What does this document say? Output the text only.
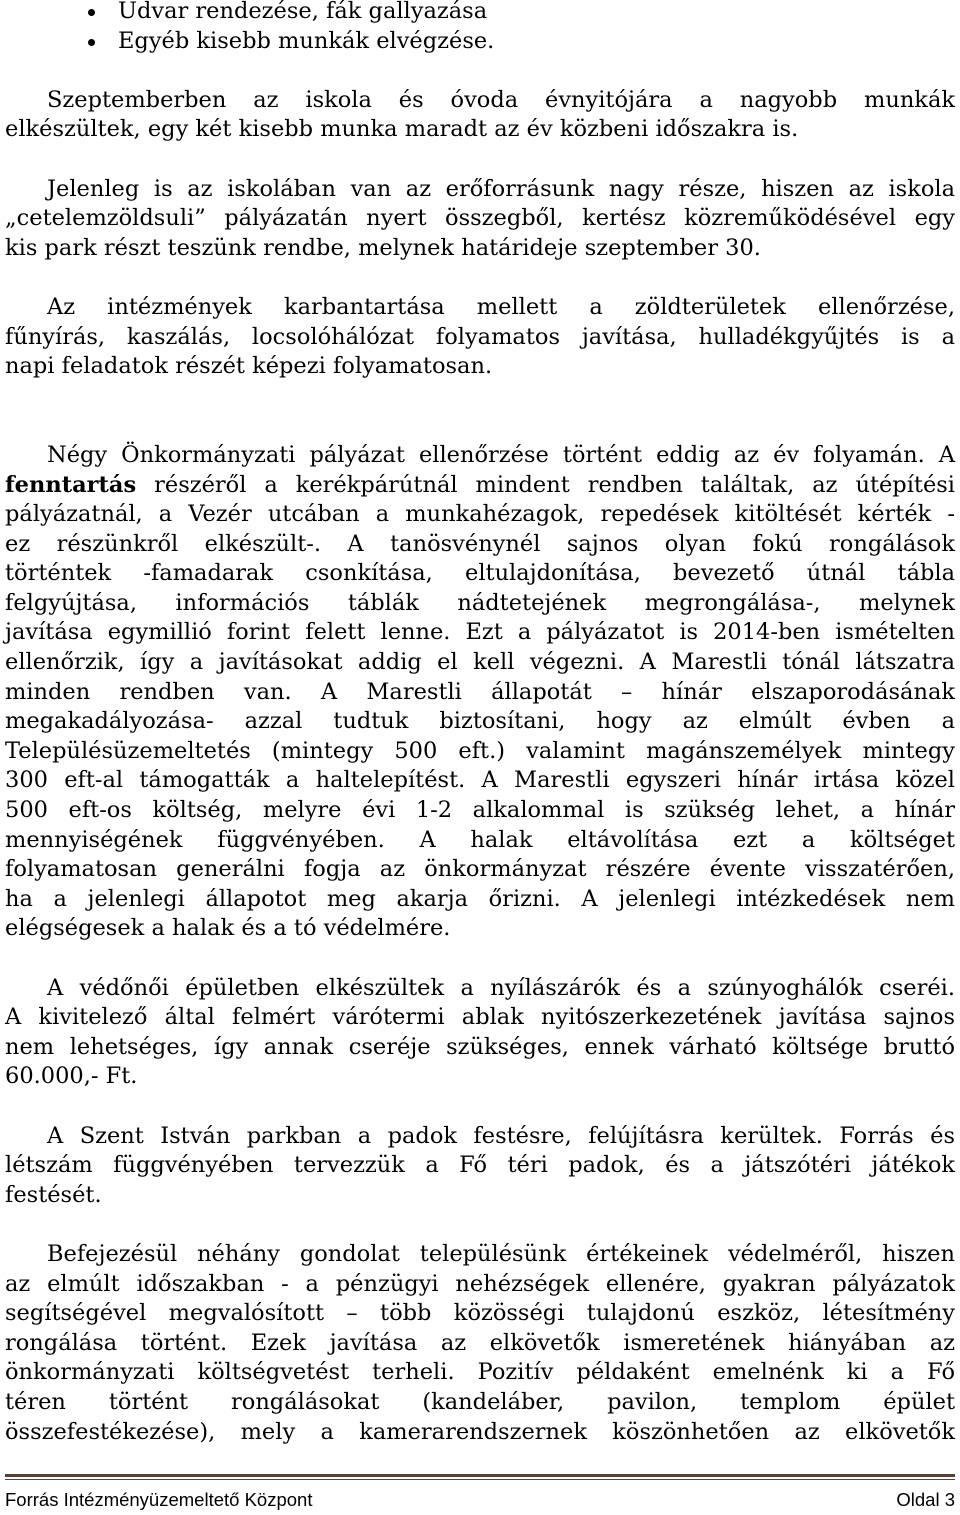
Udvar rendezése, fák gallyazása
Egyéb kisebb munkák elvégzése.
Szeptemberben az iskola és óvoda évnyitójára a nagyobb munkák
elkészültek, egy két kisebb munka maradt az év közbeni időszakra is.
Jelenleg is az iskolában van az erőforrásunk nagy része, hiszen az iskola
„cetelemzöldsuli” pályázatán nyert összegből, kertész közreműködésével egy
kis park részt teszünk rendbe, melynek határideje szeptember 30.
Az intézmények karbantartása mellett a zöldterületek ellenőrzése,
fűnyírás, kaszálás, locsolóhálózat folyamatos javítása, hulladékgyűjtés is a
napi feladatok részét képezi folyamatosan.
Négy Önkormányzati pályázat ellenőrzése történt eddig az év folyamán. A
fenntartás részéről a kerékpárútnál mindent rendben találtak, az útépítési
pályázatnál, a Vezér utcában a munkahézagok, repedések kitöltését kérték -
ez részünkről elkészült-. A tanösvénynél sajnos olyan fokú rongálások
történtek -famadarak csonkítása, eltulajdonítása, bevezető útnál tábla
felgyújtása, információs táblák nádtetejének megrongálása-, melynek
javítása egymillió forint felett lenne. Ezt a pályázatot is 2014-ben ismételten
ellenőrzik, így a javításokat addig el kell végezni. A Marestli tónál látszatra
minden rendben van. A Marestli állapotát – hínár elszaporodásának
megakadályozása- azzal tudtuk biztosítani, hogy az elmúlt évben a
Településüzemeltetés (mintegy 500 eft.) valamint magánszemélyek mintegy
300 eft-al támogatták a haltelepítést. A Marestli egyszeri hínár irtása közel
500 eft-os költség, melyre évi 1-2 alkalommal is szükség lehet, a hínár
mennyiségének függvényében. A halak eltávolítása ezt a költséget
folyamatosan generálni fogja az önkormányzat részére évente visszatérően,
ha a jelenlegi állapotot meg akarja őrizni. A jelenlegi intézkedések nem
elégségesek a halak és a tó védelmére.
A védőnői épületben elkészültek a nyílászárók és a szúnyoghálók cseréi.
A kivitelező által felmért várótermi ablak nyitószerkezetének javítása sajnos
nem lehetséges, így annak cseréje szükséges, ennek várható költsége bruttó
60.000,- Ft.
A Szent István parkban a padok festésre, felújításra kerültek. Forrás és
létszám függvényében tervezzük a Fő téri padok, és a játszótéri játékok
festését.
Befejezésül néhány gondolat településünk értékeinek védelméről, hiszen
az elmúlt időszakban - a pénzügyi nehézségek ellenére, gyakran pályázatok
segítségével megvalósított – több közösségi tulajdonú eszköz, létesítmény
rongálása történt. Ezek javítása az elkövetők ismeretének hiányában az
önkormányzati költségvetést terheli. Pozitív példaként emelnénk ki a Fő
téren történt rongálásokat (kandeláber, pavilon, templom épület
összefestékezése), mely a kamerarendszernek köszönhetően az elkövetők
Forrás Intézményüzemeltető Központ	Oldal 3
